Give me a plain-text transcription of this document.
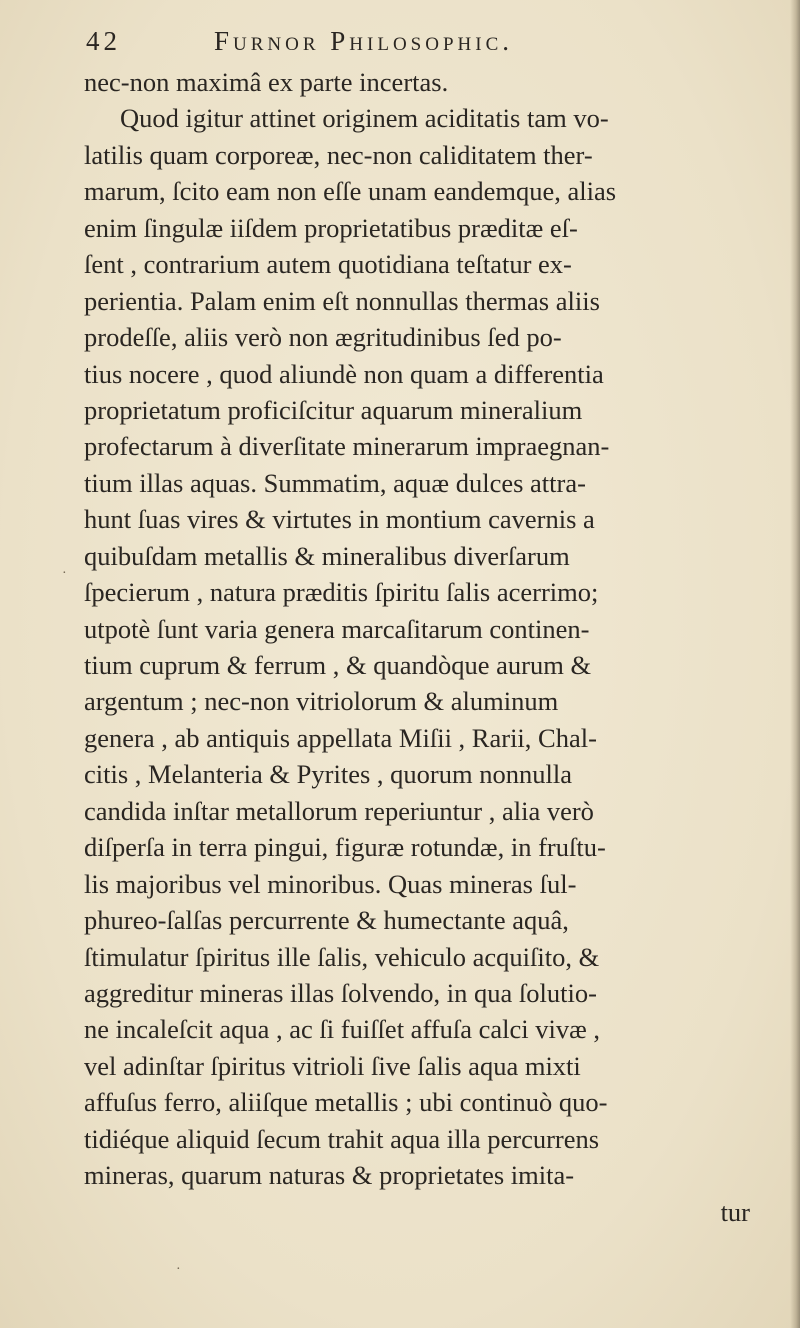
42	Furnor Philosophic.
nec-non maximâ ex parte incertas.
Quod igitur attinet originem aciditatis tam vo-
latilis quam corporeæ, nec-non caliditatem ther-
marum, ſcito eam non eſſe unam eandemque, alias
enim ſingulæ iiſdem proprietatibus præditæ eſ-
ſent , contrarium autem quotidiana teſtatur ex-
perientia. Palam enim eſt nonnullas thermas aliis
prodeſſe, aliis verò non ægritudinibus ſed po-
tius nocere , quod aliundè non quam a differentia
proprietatum proficiſcitur aquarum mineralium
profectarum à diverſitate minerarum impraegnan-
tium illas aquas. Summatim, aquæ dulces attra-
hunt ſuas vires & virtutes in montium cavernis a
quibuſdam metallis & mineralibus diverſarum
ſpecierum , natura præditis ſpiritu ſalis acerrimo;
utpotè ſunt varia genera marcaſitarum continen-
tium cuprum & ferrum , & quandòque aurum &
argentum ; nec-non vitriolorum & aluminum
genera , ab antiquis appellata Miſii , Rarii, Chal-
citis , Melanteria & Pyrites , quorum nonnulla
candida inſtar metallorum reperiuntur , alia verò
diſperſa in terra pingui, figuræ rotundæ, in fruſtu-
lis majoribus vel minoribus. Quas mineras ſul-
phureo-ſalſas percurrente & humectante aquâ,
ſtimulatur ſpiritus ille ſalis, vehiculo acquiſito, &
aggreditur mineras illas ſolvendo, in qua ſolutio-
ne incaleſcit aqua , ac ſi fuiſſet affuſa calci vivæ ,
vel adinſtar ſpiritus vitrioli ſive ſalis aqua mixti
affuſus ferro, aliiſque metallis ; ubi continuò quo-
tidiéque aliquid ſecum trahit aqua illa percurrens
mineras, quarum naturas & proprietates imita-
tur
·
·
